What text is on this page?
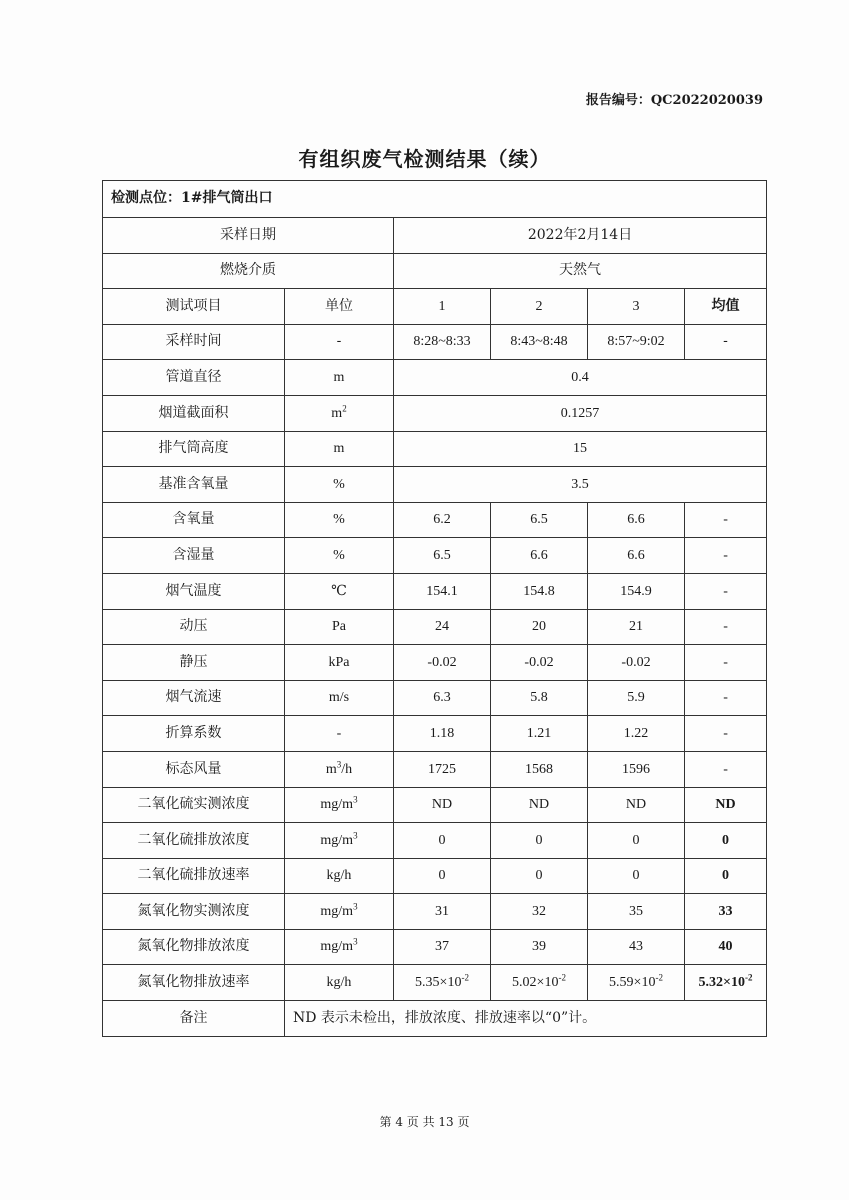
报告编号：QC2022020039
有组织废气检测结果（续）
检测点位：1#排气筒出口					
采样日期		2022年2月14日			
燃烧介质		天然气			
测试项目	单位	1	2	3	均值
采样时间	-	8:28~8:33	8:43~8:48	8:57~9:02	-
管道直径	m	0.4			
烟道截面积	$m^2$	0.1257			
排气筒高度	m	15			
基准含氧量	%	3.5			
含氧量	%	6.2	6.5	6.6	-
含湿量	%	6.5	6.6	6.6	-
烟气温度	℃	154.1	154.8	154.9	-
动压	Pa	24	20	21	-
静压	kPa	-0.02	-0.02	-0.02	-
烟气流速	m/s	6.3	5.8	5.9	-
折算系数	-	1.18	1.21	1.22	-
标态风量	$m^3/h$	1725	1568	1596	-
二氧化硫实测浓度	$mg/m^3$	ND	ND	ND	ND
二氧化硫排放浓度	$mg/m^3$	0	0	0	0
二氧化硫排放速率	kg/h	0	0	0	0
氮氧化物实测浓度	$mg/m^3$	31	32	35	33
氮氧化物排放浓度	$mg/m^3$	37	39	43	40
氮氧化物排放速率	kg/h	$5.35\times 10^{-2}$	$5.02\times 10^{-2}$	$5.59\times 10^{-2}$	$5.32\times 10^{-2}$
备注	ND 表示未检出，排放浓度、排放速率以“0”计。				
第 4 页 共 13 页
